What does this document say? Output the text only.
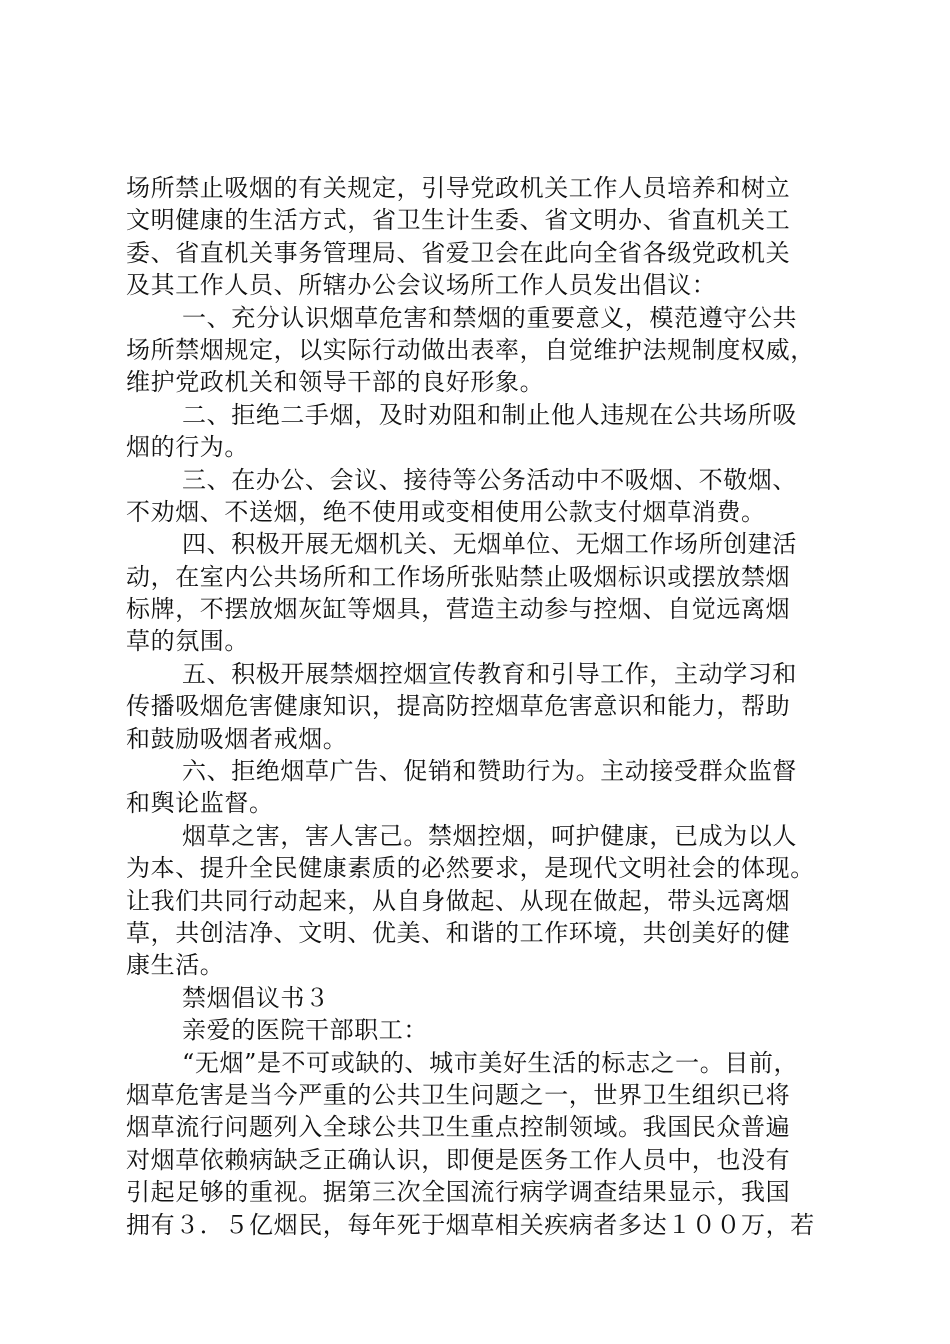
场所禁止吸烟的有关规定，引导党政机关工作人员培养和树立
文明健康的生活方式，省卫生计生委、省文明办、省直机关工
委、省直机关事务管理局、省爱卫会在此向全省各级党政机关
及其工作人员、所辖办公会议场所工作人员发出倡议：
一、充分认识烟草危害和禁烟的重要意义，模范遵守公共
场所禁烟规定，以实际行动做出表率，自觉维护法规制度权威，
维护党政机关和领导干部的良好形象。
二、拒绝二手烟，及时劝阻和制止他人违规在公共场所吸
烟的行为。
三、在办公、会议、接待等公务活动中不吸烟、不敬烟、
不劝烟、不送烟，绝不使用或变相使用公款支付烟草消费。
四、积极开展无烟机关、无烟单位、无烟工作场所创建活
动，在室内公共场所和工作场所张贴禁止吸烟标识或摆放禁烟
标牌，不摆放烟灰缸等烟具，营造主动参与控烟、自觉远离烟
草的氛围。
五、积极开展禁烟控烟宣传教育和引导工作，主动学习和
传播吸烟危害健康知识，提高防控烟草危害意识和能力，帮助
和鼓励吸烟者戒烟。
六、拒绝烟草广告、促销和赞助行为。主动接受群众监督
和舆论监督。
烟草之害，害人害己。禁烟控烟，呵护健康，已成为以人
为本、提升全民健康素质的必然要求，是现代文明社会的体现。
让我们共同行动起来，从自身做起、从现在做起，带头远离烟
草，共创洁净、文明、优美、和谐的工作环境，共创美好的健
康生活。
禁烟倡议书３
亲爱的医院干部职工：
“无烟”是不可或缺的、城市美好生活的标志之一。目前，
烟草危害是当今严重的公共卫生问题之一，世界卫生组织已将
烟草流行问题列入全球公共卫生重点控制领域。我国民众普遍
对烟草依赖病缺乏正确认识，即便是医务工作人员中，也没有
引起足够的重视。据第三次全国流行病学调查结果显示，我国
拥有３．５亿烟民，每年死于烟草相关疾病者多达１００万，若
